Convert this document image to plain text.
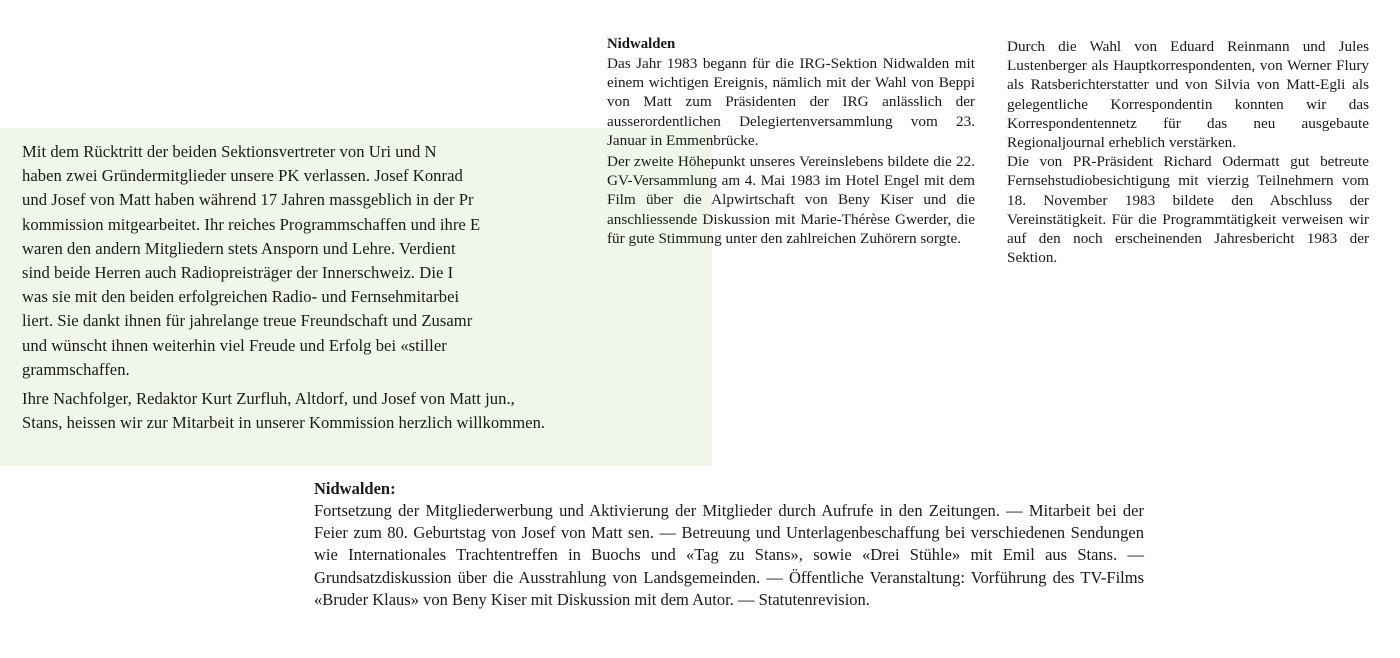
Mit dem Rücktritt der beiden Sektionsvertreter von Uri und N

haben zwei Gründermitglieder unsere PK verlassen. Josef Konrad

und Josef von Matt haben während 17 Jahren massgeblich in der Pr

kommission mitgearbeitet. Ihr reiches Programmschaffen und ihre E

waren den andern Mitgliedern stets Ansporn und Lehre. Verdient

sind beide Herren auch Radiopreisträger der Innerschweiz. Die I

was sie mit den beiden erfolgreichen Radio- und Fernsehmitarbei

liert. Sie dankt ihnen für jahrelange treue Freundschaft und Zusamr

und wünscht ihnen weiterhin viel Freude und Erfolg bei «stiller

grammschaffen.

Ihre Nachfolger, Redaktor Kurt Zurfluh, Altdorf, und Josef von Matt jun.,

Stans, heissen wir zur Mitarbeit in unserer Kommission herzlich willkommen.

Nidwalden

Das Jahr 1983 begann für die IRG-Sektion Nidwalden mit einem wichtigen Ereignis, nämlich mit der Wahl von Beppi von Matt zum Präsidenten der IRG anlässlich der ausserordentlichen Delegiertenversammlung vom 23. Januar in Emmenbrücke.

Der zweite Höhepunkt unseres Vereinslebens bildete die 22. GV-Versammlung am 4. Mai 1983 im Hotel Engel mit dem Film über die Alpwirtschaft von Beny Kiser und die anschliessende Diskussion mit Marie-Thérèse Gwerder, die für gute Stimmung unter den zahlreichen Zuhörern sorgte.

Durch die Wahl von Eduard Reinmann und Jules Lustenberger als Hauptkorrespondenten, von Werner Flury als Ratsberichterstatter und von Silvia von Matt-Egli als gelegentliche Korrespondentin konnten wir das Korrespondentennetz für das neu ausgebaute Regionaljournal erheblich verstärken.

Die von PR-Präsident Richard Odermatt gut betreute Fernsehstudiobesichtigung mit vierzig Teilnehmern vom 18. November 1983 bildete den Abschluss der Vereinstätigkeit. Für die Programmtätigkeit verweisen wir auf den noch erscheinenden Jahresbericht 1983 der Sektion.

Nidwalden:

Fortsetzung der Mitgliederwerbung und Aktivierung der Mitglieder durch Aufrufe in den Zeitungen. — Mitarbeit bei der Feier zum 80. Geburtstag von Josef von Matt sen. — Betreuung und Unterlagenbeschaffung bei verschiedenen Sendungen wie Internationales Trachtentreffen in Buochs und «Tag zu Stans», sowie «Drei Stühle» mit Emil aus Stans. — Grundsatzdiskussion über die Ausstrahlung von Landsgemeinden. — Öffentliche Veranstaltung: Vorführung des TV-Films «Bruder Klaus» von Beny Kiser mit Diskussion mit dem Autor. — Statutenrevision.
